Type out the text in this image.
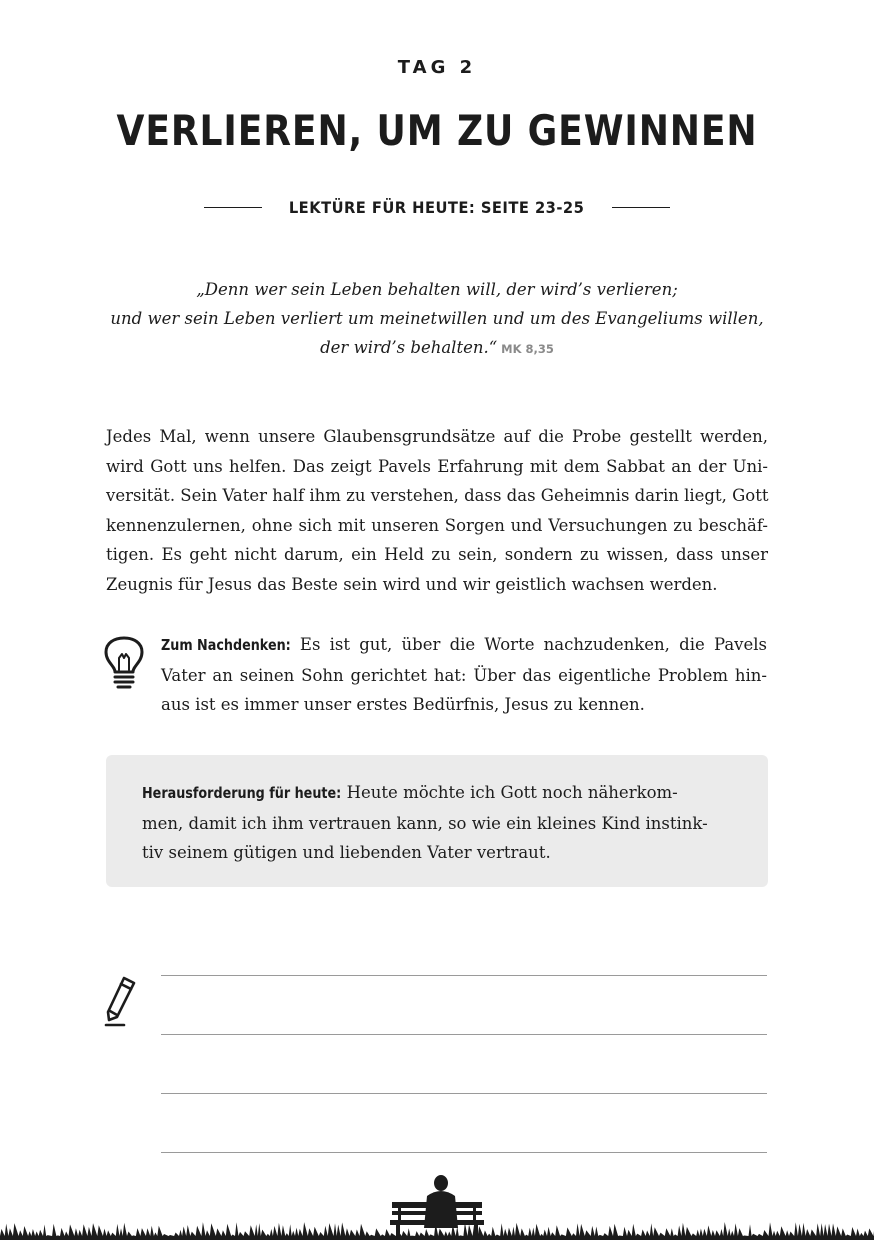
TAG 2
VERLIEREN, UM ZU GEWINNEN
LEKTÜRE FÜR HEUTE: SEITE 23-25
„Denn wer sein Leben behalten will, der wird’s verlieren;
und wer sein Leben verliert um meinetwillen und um des Evangeliums willen,
der wird’s behalten.“ MK 8,35
Jedes Mal, wenn unsere Glaubensgrundsätze auf die Probe gestellt werden,
wird Gott uns helfen. Das zeigt Pavels Erfahrung mit dem Sabbat an der Uni-
versität. Sein Vater half ihm zu verstehen, dass das Geheimnis darin liegt, Gott
kennenzulernen, ohne sich mit unseren Sorgen und Versuchungen zu beschäf-
tigen. Es geht nicht darum, ein Held zu sein, sondern zu wissen, dass unser
Zeugnis für Jesus das Beste sein wird und wir geistlich wachsen werden.
Zum Nachdenken: Es ist gut, über die Worte nachzudenken, die Pavels
Vater an seinen Sohn gerichtet hat: Über das eigentliche Problem hin-
aus ist es immer unser erstes Bedürfnis, Jesus zu kennen.
Herausforderung für heute: Heute möchte ich Gott noch näherkom-
men, damit ich ihm vertrauen kann, so wie ein kleines Kind instink-
tiv seinem gütigen und liebenden Vater vertraut.
